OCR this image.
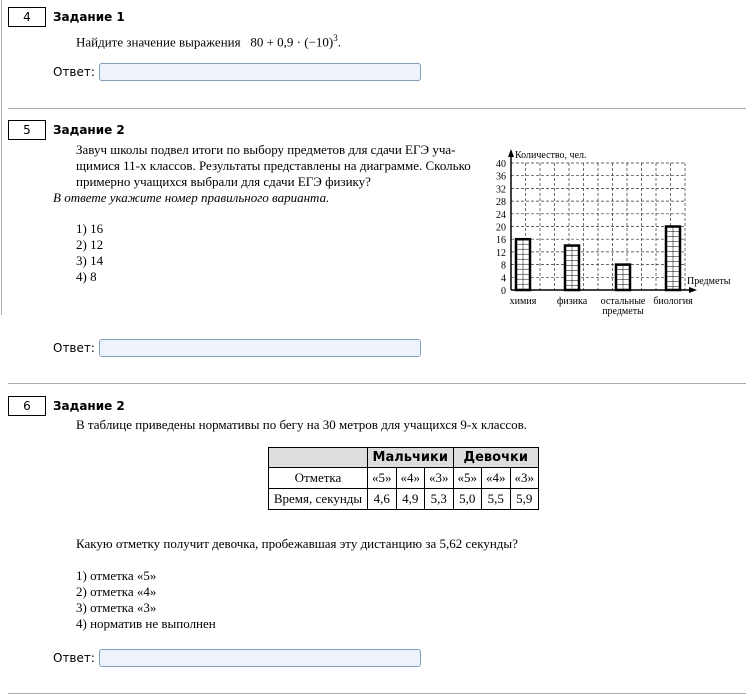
4	Задание 1
Найдите значение выражения $80 + 0,9 \cdot (-10)^3$.
Ответ:
5	Задание 2
Завуч школы подвел итоги по выбору предметов для сдачи ЕГЭ уча-
щимися 11-х классов. Результаты представлены на диаграмме. Сколько
примерно учащихся выбрали для сдачи ЕГЭ физику?
В ответе укажите номер правильного варианта.
1) 16
2) 12
3) 14
4) 8
0
4
8
12
16
20
24
28
32
36
40
Количество, чел.
Предметы
химия физика остальные
предметы
биология
Ответ:
6	Задание 2
В таблице приведены нормативы по бегу на 30 метров для учащихся 9-х классов.
	Мальчики			Девочки		
Отметка	«5»	«4»	«3»	«5»	«4»	«3»
Время, секунды	4,6	4,9	5,3	5,0	5,5	5,9
Какую отметку получит девочка, пробежавшая эту дистанцию за 5,62 секунды?
1) отметка «5»
2) отметка «4»
3) отметка «3»
4) норматив не выполнен
Ответ:
